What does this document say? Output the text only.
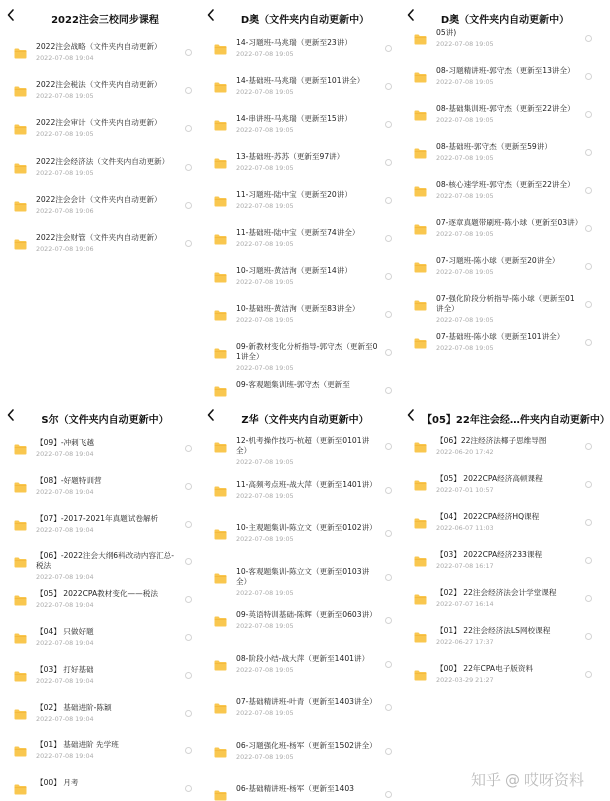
2022注会三校同步课程
2022注会战略（文件夹内自动更新）
2022-07-08 19:04
2022注会税法（文件夹内自动更新）
2022-07-08 19:05
2022注会审计（文件夹内自动更新）
2022-07-08 19:05
2022注会经济法（文件夹内自动更新）
2022-07-08 19:05
2022注会会计（文件夹内自动更新）
2022-07-08 19:06
2022注会财管（文件夹内自动更新）
2022-07-08 19:06
D奥（文件夹内自动更新中）
14-习题班-马兆瑞（更新至23讲）
2022-07-08 19:05
14-基础班-马兆瑞（更新至101讲全）
2022-07-08 19:05
14-串讲班-马兆瑞（更新至15讲）
2022-07-08 19:05
13-基础班-苏苏（更新至97讲）
2022-07-08 19:05
11-习题班-陆中宝（更新至20讲）
2022-07-08 19:05
11-基础班-陆中宝（更新至74讲全）
2022-07-08 19:05
10-习题班-黄洁洵（更新至14讲）
2022-07-08 19:05
10-基础班-黄洁洵（更新至83讲全）
2022-07-08 19:05
09-新教材变化分析指导-郭守杰（更新至01讲全）
2022-07-08 19:05
09-客观题集训班-郭守杰（更新至
D奥（文件夹内自动更新中）
05讲)
2022-07-08 19:05
08-习题精讲班-郭守杰（更新至13讲全）
2022-07-08 19:05
08-基础集训班-郭守杰（更新至22讲全）
2022-07-08 19:05
08-基础班-郭守杰（更新至59讲）
2022-07-08 19:05
08-核心速学班-郭守杰（更新至22讲全）
2022-07-08 19:05
07-逐章真题带刷班-陈小球（更新至03讲）
2022-07-08 19:05
07-习题班-陈小球（更新至20讲全）
2022-07-08 19:05
07-强化阶段分析指导-陈小球（更新至01讲全）
2022-07-08 19:05
07-基础班-陈小球（更新至101讲全）
2022-07-08 19:05
S尔（文件夹内自动更新中）
【09】-冲刺飞越
2022-07-08 19:04
【08】-好题特训营
2022-07-08 19:04
【07】-2017-2021年真题试卷解析
2022-07-08 19:04
【06】-2022注会大纲6科改动内容汇总-税法
2022-07-08 19:04
【05】 2022CPA教材变化——税法
2022-07-08 19:04
【04】 只做好题
2022-07-08 19:04
【03】 打好基础
2022-07-08 19:04
【02】 基础进阶-陈颖
2022-07-08 19:04
【01】 基础进阶 先学班
2022-07-08 19:04
【00】 月考
Z华（文件夹内自动更新中）
12-机考操作技巧-杭超（更新至0101讲全）
2022-07-08 19:05
11-高频考点班-战大萍（更新至1401讲）
2022-07-08 19:05
10-主观题集训-陈立文（更新至0102讲）
2022-07-08 19:05
10-客观题集训-陈立文（更新至0103讲全）
2022-07-08 19:05
09-英语特训基础-陈辉（更新至0603讲）
2022-07-08 19:05
08-阶段小结-战大萍（更新至1401讲）
2022-07-08 19:05
07-基础精讲班-叶青（更新至1403讲全）
2022-07-08 19:05
06-习题强化班-杨军（更新至1502讲全）
2022-07-08 19:05
06-基础精讲班-杨军（更新至1403
【05】22年注会经…件夹内自动更新中）
【06】22注经济法椰子思维导图
2022-06-20 17:42
【05】 2022CPA经济高顿课程
2022-07-01 10:57
【04】 2022CPA经济HQ课程
2022-06-07 11:03
【03】 2022CPA经济233课程
2022-07-08 16:17
【02】 22注会经济法会计学堂课程
2022-07-07 16:14
【01】 22注会经济法LS网校课程
2022-06-27 17:37
【00】 22年CPA电子版资料
2022-03-29 21:27
知乎 @ 哎呀资料
